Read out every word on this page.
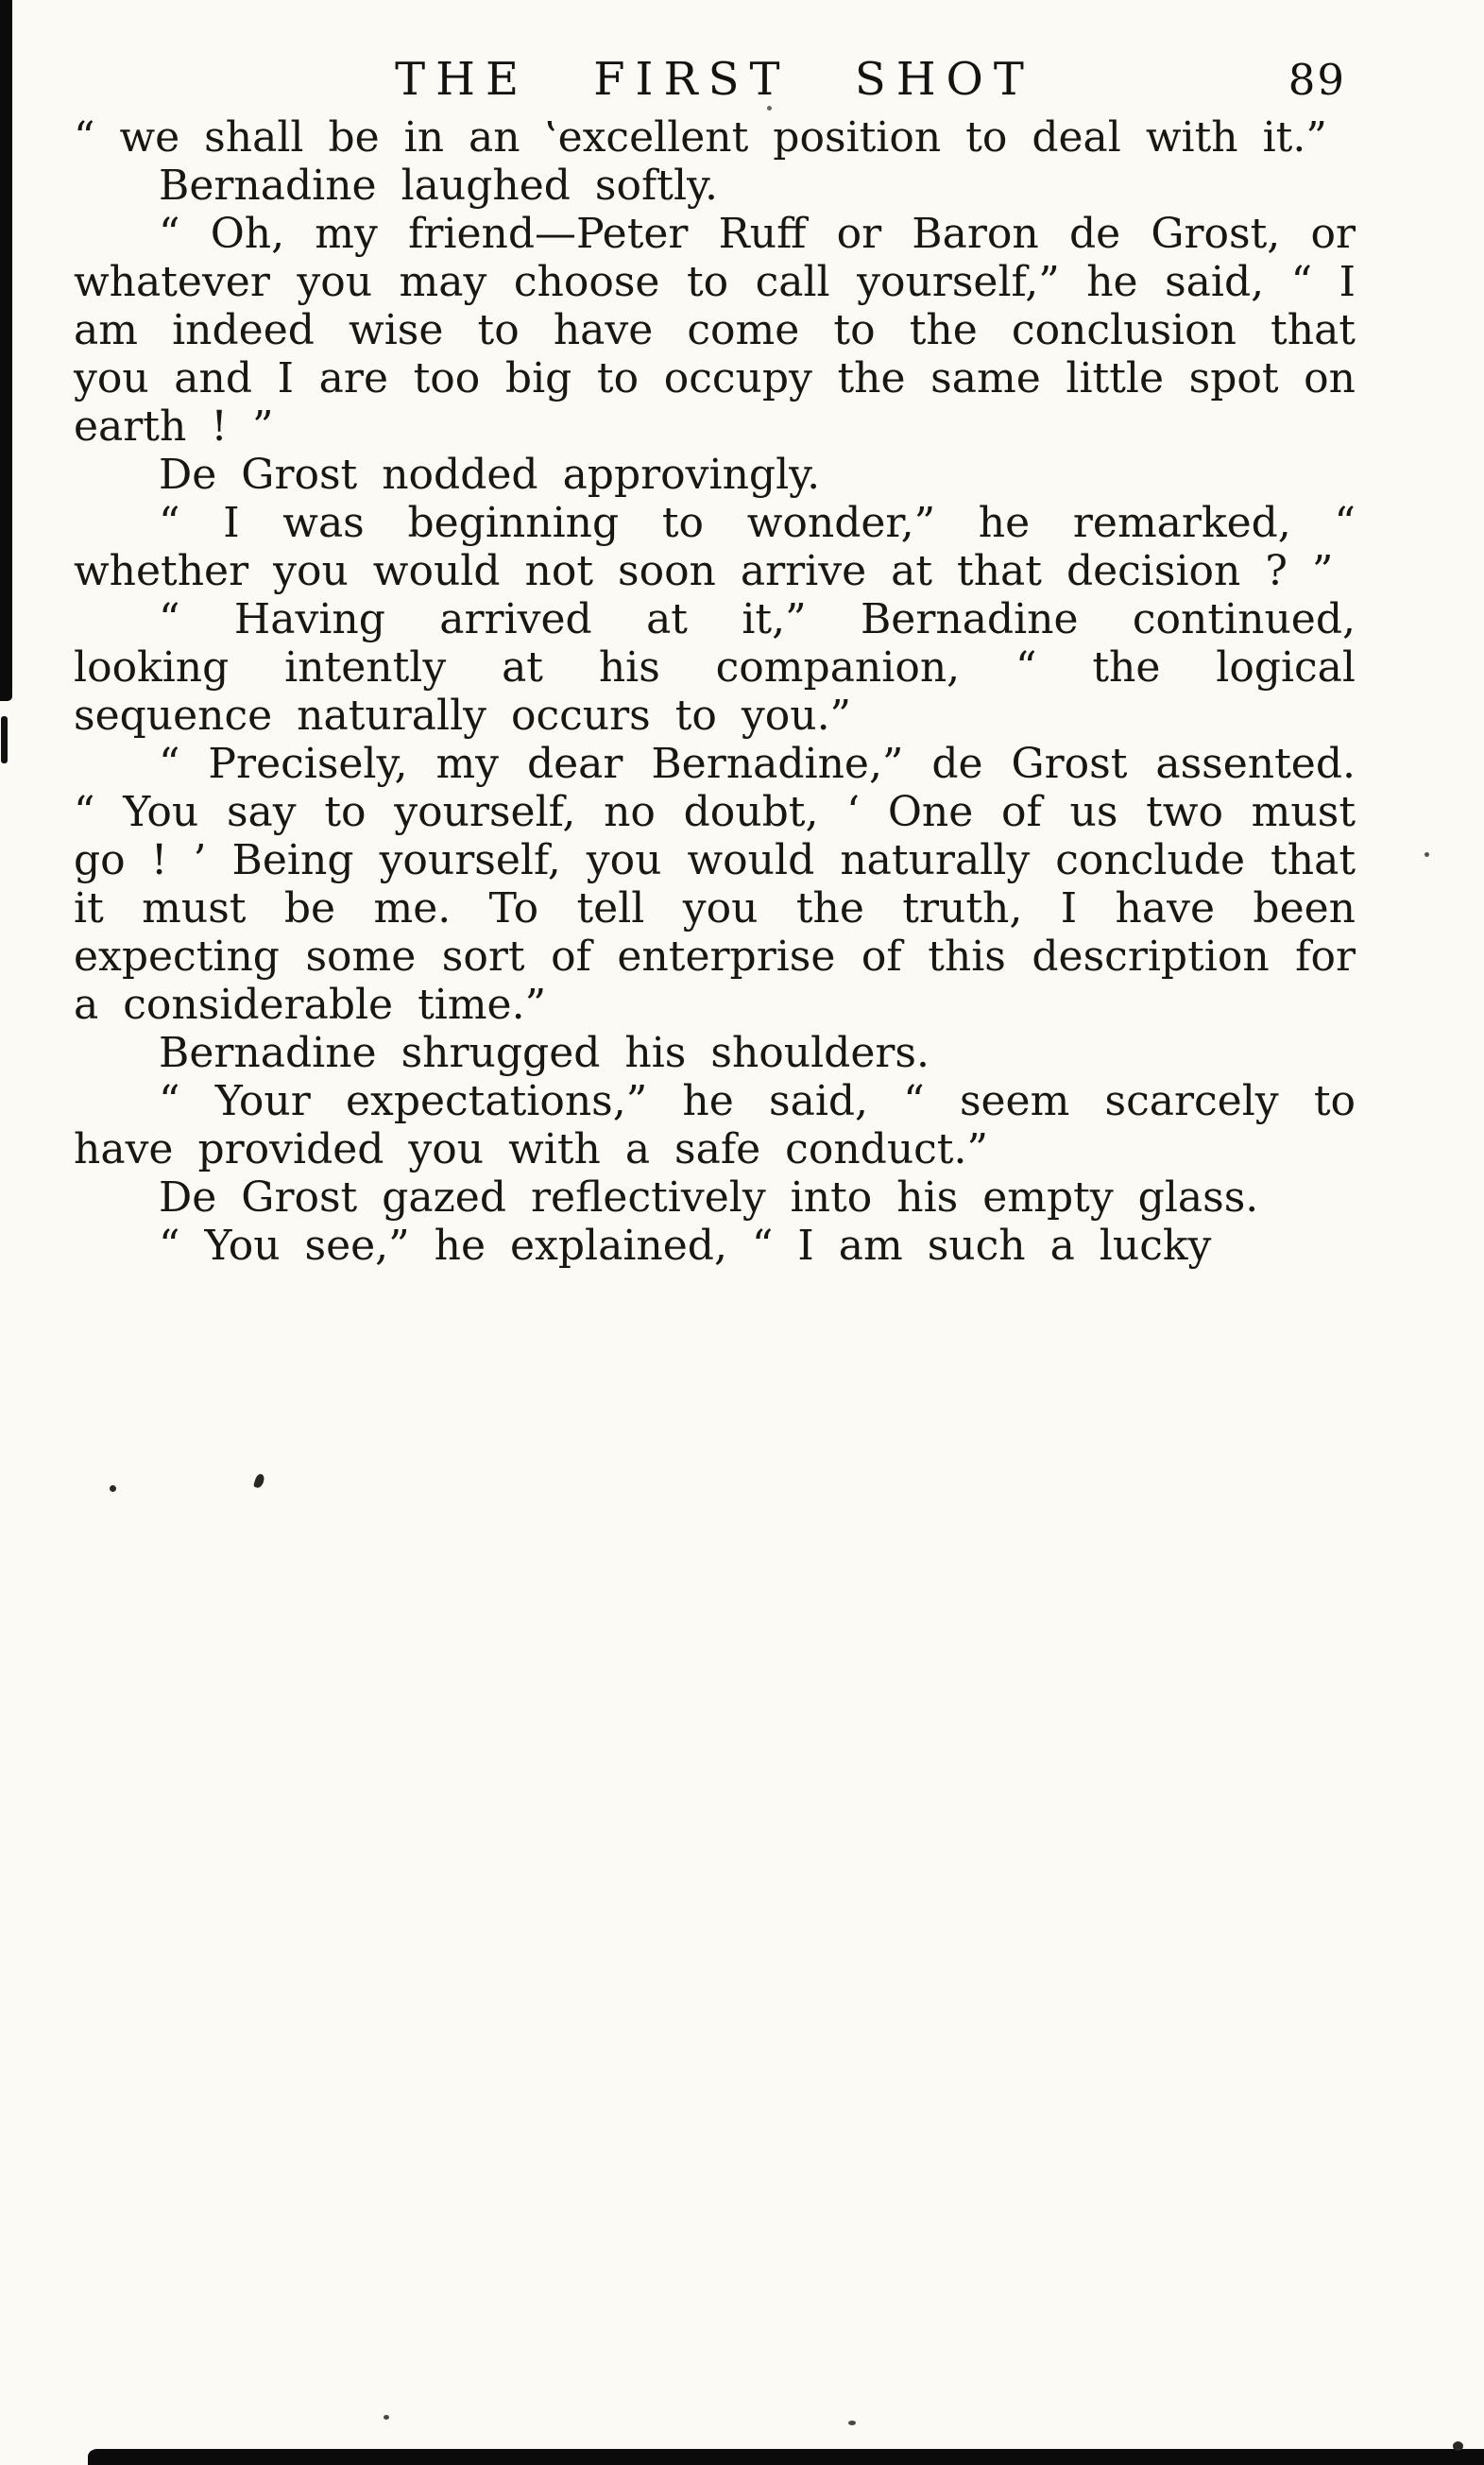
THE FIRST SHOT	89

“ we shall be in an ‛excellent position to deal with it.”

Bernadine laughed softly.

“ Oh, my friend—Peter Ruff or Baron de Grost, or whatever you may choose to call yourself,” he said, “ I am indeed wise to have come to the conclusion that you and I are too big to occupy the same little spot on earth ! ”

De Grost nodded approvingly.

“ I was beginning to wonder,” he remarked, “ whether you would not soon arrive at that decision ? ”

“ Having arrived at it,” Bernadine continued, looking intently at his companion, “ the logical sequence naturally occurs to you.”

“ Precisely, my dear Bernadine,” de Grost assented. “ You say to yourself, no doubt, ‘ One of us two must go ! ’ Being yourself, you would naturally conclude that it must be me. To tell you the truth, I have been expecting some sort of enterprise of this description for a considerable time.”

Bernadine shrugged his shoulders.

“ Your expectations,” he said, “ seem scarcely to have provided you with a safe conduct.”

De Grost gazed reflectively into his empty glass.

“ You see,” he explained, “ I am such a lucky
